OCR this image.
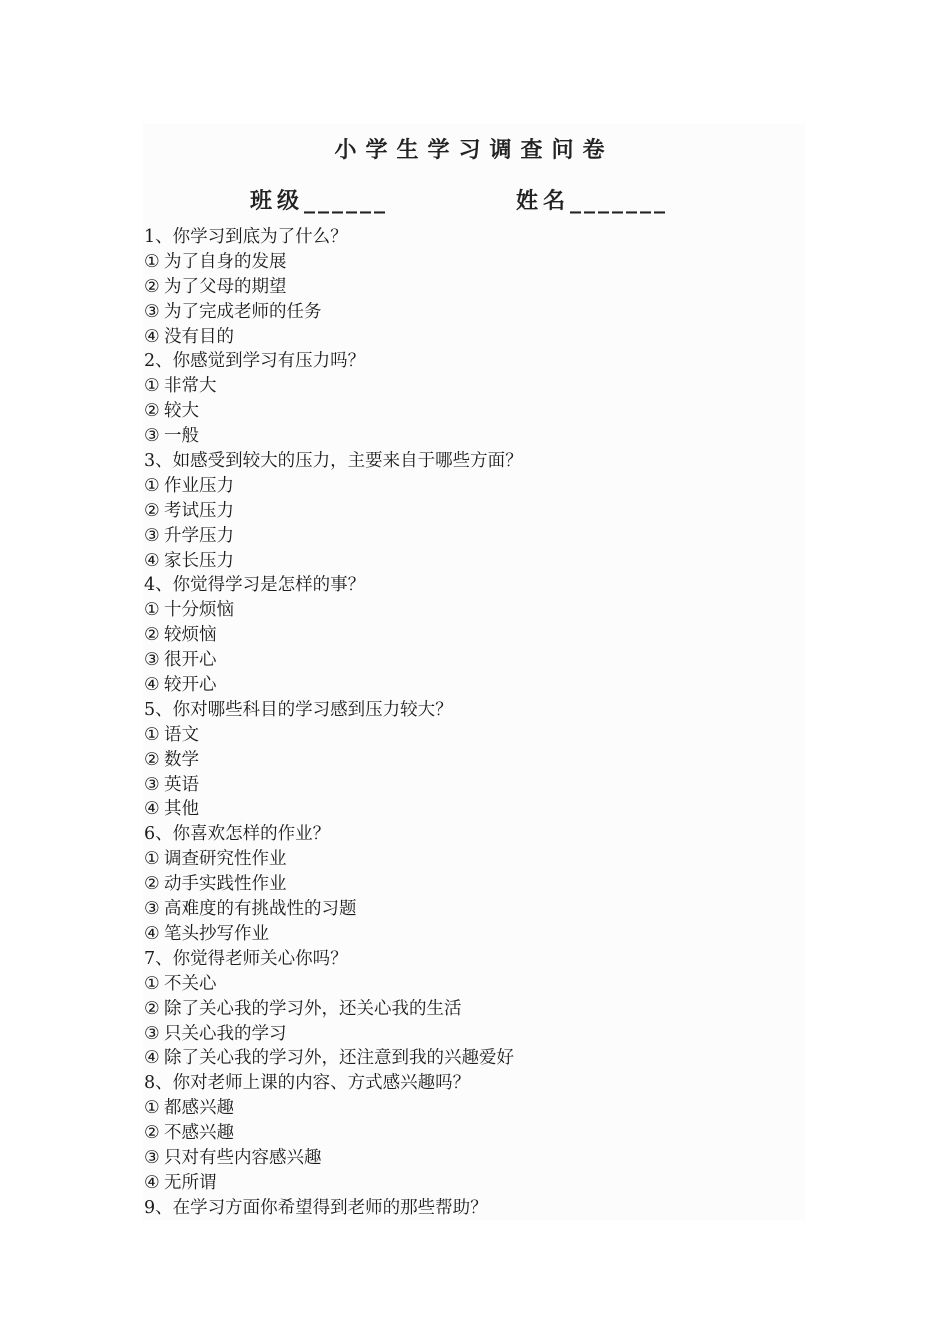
小学生学习调查问卷
班级______	姓名_______
1、你学习到底为了什么？
① 为了自身的发展
② 为了父母的期望
③ 为了完成老师的任务
④ 没有目的
2、你感觉到学习有压力吗？
① 非常大
② 较大
③ 一般
3、如感受到较大的压力，主要来自于哪些方面？
① 作业压力
② 考试压力
③ 升学压力
④ 家长压力
4、你觉得学习是怎样的事？
① 十分烦恼
② 较烦恼
③ 很开心
④ 较开心
5、你对哪些科目的学习感到压力较大？
① 语文
② 数学
③ 英语
④ 其他
6、你喜欢怎样的作业？
① 调查研究性作业
② 动手实践性作业
③ 高难度的有挑战性的习题
④ 笔头抄写作业
7、你觉得老师关心你吗？
① 不关心
② 除了关心我的学习外，还关心我的生活
③ 只关心我的学习
④ 除了关心我的学习外，还注意到我的兴趣爱好
8、你对老师上课的内容、方式感兴趣吗？
① 都感兴趣
② 不感兴趣
③ 只对有些内容感兴趣
④ 无所谓
9、在学习方面你希望得到老师的那些帮助？
